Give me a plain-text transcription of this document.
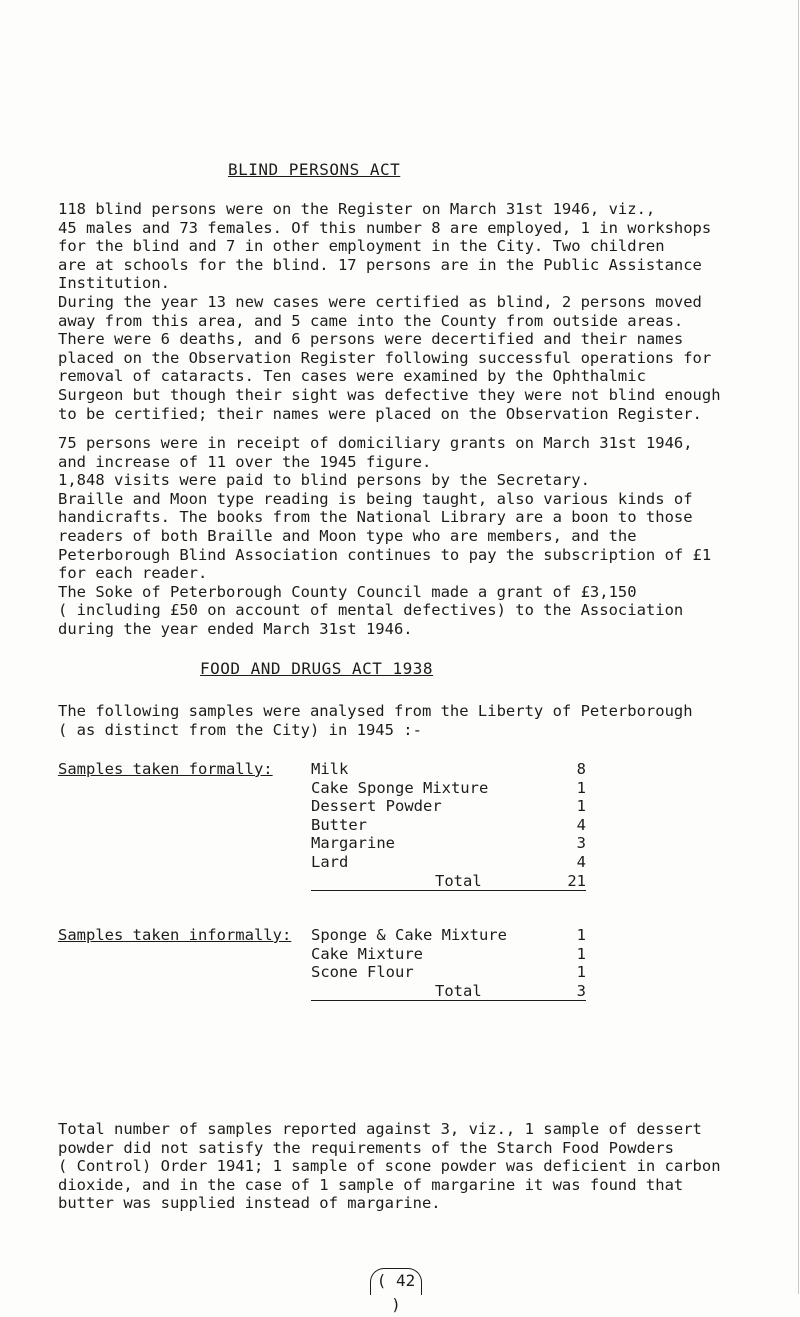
BLIND PERSONS ACT
118 blind persons were on the Register on March 31st 1946, viz.,
45 males and 73 females. Of this number 8 are employed, 1 in workshops
for the blind and 7 in other employment in the City. Two children
are at schools for the blind. 17 persons are in the Public Assistance
Institution.
During the year 13 new cases were certified as blind, 2 persons moved
away from this area, and 5 came into the County from outside areas.
There were 6 deaths, and 6 persons were decertified and their names
placed on the Observation Register following successful operations for
removal of cataracts. Ten cases were examined by the Ophthalmic
Surgeon but though their sight was defective they were not blind enough
to be certified; their names were placed on the Observation Register.
75 persons were in receipt of domiciliary grants on March 31st 1946,
and increase of 11 over the 1945 figure.
1,848 visits were paid to blind persons by the Secretary.
Braille and Moon type reading is being taught, also various kinds of
handicrafts. The books from the National Library are a boon to those
readers of both Braille and Moon type who are members, and the
Peterborough Blind Association continues to pay the subscription of £1
for each reader.
The Soke of Peterborough County Council made a grant of £3,150
( including £50 on account of mental defectives) to the Association
during the year ended March 31st 1946.
FOOD AND DRUGS ACT 1938
The following samples were analysed from the Liberty of Peterborough
( as distinct from the City) in 1945 :-
Samples taken formally: Milk	8
Cake Sponge Mixture	1
Dessert Powder	1
Butter	4
Margarine	3
Lard	4
Total	21
Samples taken informally: Sponge & Cake Mixture	1
Cake Mixture	1
Scone Flour	1
Total	3
Total number of samples reported against 3, viz., 1 sample of dessert
powder did not satisfy the requirements of the Starch Food Powders
( Control) Order 1941; 1 sample of scone powder was deficient in carbon
dioxide, and in the case of 1 sample of margarine it was found that
butter was supplied instead of margarine.
( 42 )
